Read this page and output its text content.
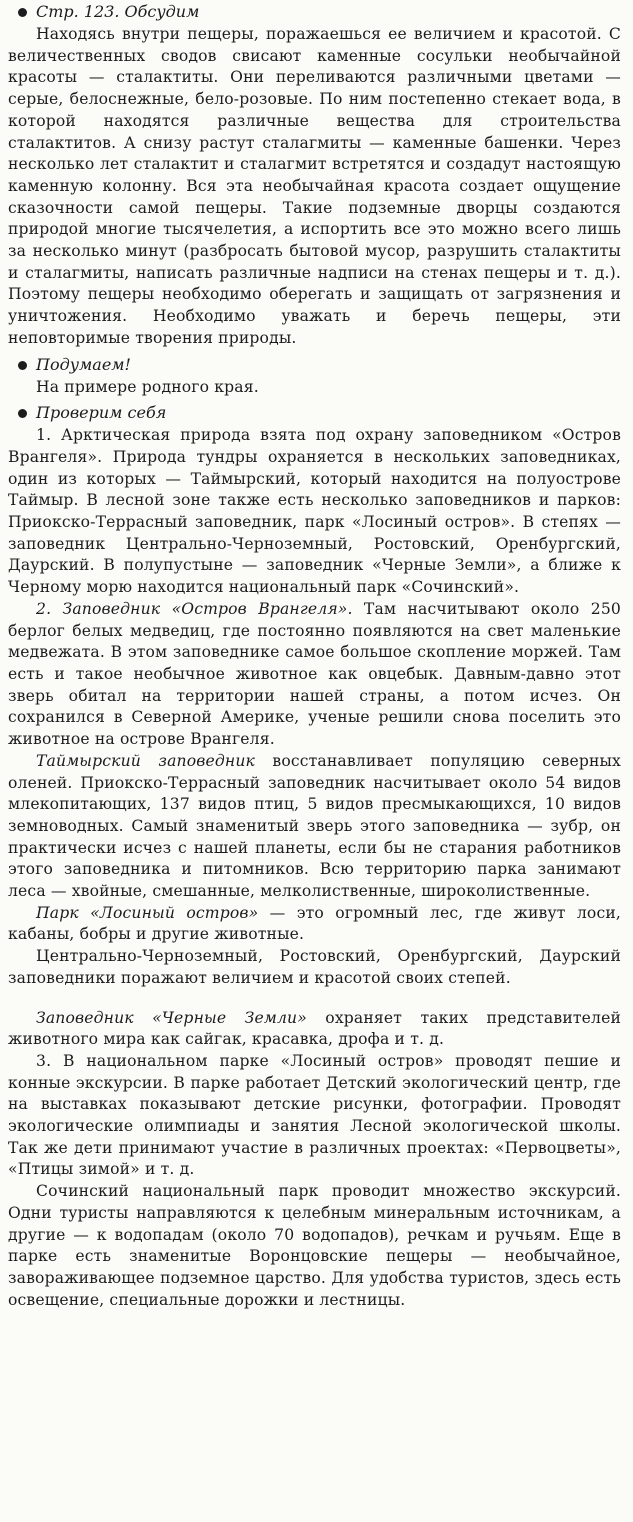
Стр. 123. Обсудим

Находясь внутри пещеры, поражаешься ее величием и красотой. С величественных сводов свисают каменные сосульки необычайной красоты — сталактиты. Они переливаются различными цветами — серые, белоснежные, бело-розовые. По ним постепенно стекает вода, в которой находятся различные вещества для строительства сталактитов. А снизу растут сталагмиты — каменные башенки. Через несколько лет сталактит и сталагмит встретятся и создадут настоящую каменную колонну. Вся эта необычайная красота создает ощущение сказочности самой пещеры. Такие подземные дворцы создаются природой многие тысячелетия, а испортить все это можно всего лишь за несколько минут (разбросать бытовой мусор, разрушить сталактиты и сталагмиты, написать различные надписи на стенах пещеры и т. д.). Поэтому пещеры необходимо оберегать и защищать от загрязнения и уничтожения. Необходимо уважать и беречь пещеры, эти неповторимые творения природы.

Подумаем!

На примере родного края.

Проверим себя

1. Арктическая природа взята под охрану заповедником «Остров Врангеля». Природа тундры охраняется в нескольких заповедниках, один из которых — Таймырский, который находится на полуострове Таймыр. В лесной зоне также есть несколько заповедников и парков: Приокско-Террасный заповедник, парк «Лосиный остров». В степях — заповедник Центрально-Черноземный, Ростовский, Оренбургский, Даурский. В полупустыне — заповедник «Черные Земли», а ближе к Черному морю находится национальный парк «Сочинский».

2. Заповедник «Остров Врангеля». Там насчитывают около 250 берлог белых медведиц, где постоянно появляются на свет маленькие медвежата. В этом заповеднике самое большое скопление моржей. Там есть и такое необычное животное как овцебык. Давным-давно этот зверь обитал на территории нашей страны, а потом исчез. Он сохранился в Северной Америке, ученые решили снова поселить это животное на острове Врангеля.

Таймырский заповедник восстанавливает популяцию северных оленей. Приокско-Террасный заповедник насчитывает около 54 видов млекопитающих, 137 видов птиц, 5 видов пресмыкающихся, 10 видов земноводных. Самый знаменитый зверь этого заповедника — зубр, он практически исчез с нашей планеты, если бы не старания работников этого заповедника и питомников. Всю территорию парка занимают леса — хвойные, смешанные, мелколиственные, широколиственные.

Парк «Лосиный остров» — это огромный лес, где живут лоси, кабаны, бобры и другие животные.

Центрально-Черноземный, Ростовский, Оренбургский, Даурский заповедники поражают величием и красотой своих степей.

Заповедник «Черные Земли» охраняет таких представителей животного мира как сайгак, красавка, дрофа и т. д.

3. В национальном парке «Лосиный остров» проводят пешие и конные экскурсии. В парке работает Детский экологический центр, где на выставках показывают детские рисунки, фотографии. Проводят экологические олимпиады и занятия Лесной экологической школы. Так же дети принимают участие в различных проектах: «Первоцветы», «Птицы зимой» и т. д.

Сочинский национальный парк проводит множество экскурсий. Одни туристы направляются к целебным минеральным источникам, а другие — к водопадам (около 70 водопадов), речкам и ручьям. Еще в парке есть знаменитые Воронцовские пещеры — необычайное, завораживающее подземное царство. Для удобства туристов, здесь есть освещение, специальные дорожки и лестницы.
